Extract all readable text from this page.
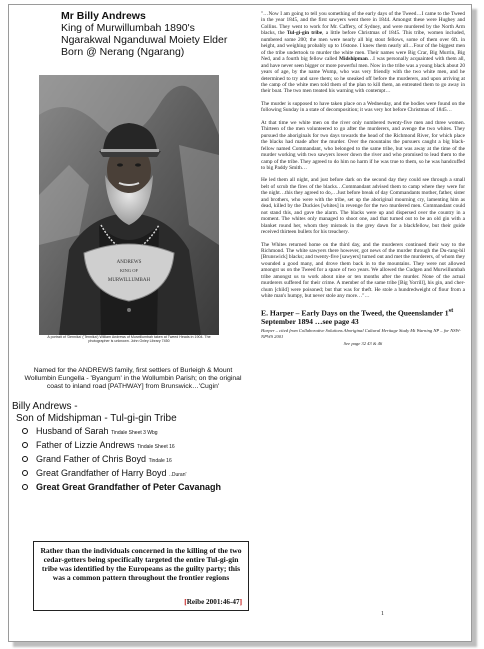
Mr Billy Andrews
King of Murwillumbah 1890's
Ngarakwal Nganduwal Moiety Elder
Born @ Nerang (Ngarang)
ANDREWS
KING OF
MURWILLUMBAH
A portrait of 'Dennika' ('Tennika') William Andrews of Murwillumbah taken at Tweed Heads in 1904. The photographer is unknown. John Oxley Library 7450
Named for the ANDREWS family, first settlers of Burleigh & Mount Wollumbin Eungella - 'Byangum' in the Wollumbin Parish; on the original coast to inland road [PATHWAY] from Brunswick…'Cugin'
Billy Andrews -
Son of Midshipman - Tul-gi-gin Tribe
Husband of Sarah Tindale Sheet 3 Wbg
Father of Lizzie Andrews Tindale Sheet 16
Grand Father of Chris Boyd Tindale 16
Great Grandfather of Harry Boyd ..Duran'
Great Great Grandfather of Peter Cavanagh
Rather than the individuals concerned in the killing of the two cedar-getters being specifically targeted the entire Tul-gi-gin tribe was identified by the Europeans as the guilty party; this was a common pattern throughout the frontier regions
[Reibe 2001:46-47]

"…Now I am going to tell you something of the early days of the Tweed…I came to the Tweed in the year 1845, and the first sawyers went there in 1844. Amongst these were Hughey and Collins. They went to work for Mr. Caffery, of Sydney, and were murdered by the North Arm blacks, the Tul-gi-gin tribe, a little before Christmas of 1845. This tribe, women included, numbered some 200; the men were nearly all big stout fellows, some of them over 6ft. in height, and weighing probably up to 16stone. I knew them nearly all…Four of the biggest men of the tribe undertook to murder the white men. Their names were Big Crar, Big Murrin, Big Ned, and a fourth big fellow called Midshipman…I was personally acquainted with them all, and have never seen bigger or more powerful men. Now in the tribe was a young black about 20 years of age, by the name Wump, who was very friendly with the two white men, and he determined to try and save them; so he sneaked off before the murderers, and upon arriving at the camp of the white men told them of the plan to kill them, an entreated them to go away in their boat. The two men treated his warning with contempt…

The murder is supposed to have taken place on a Wednesday, and the bodies were found on the following Sunday in a state of decomposition; it was very hot before Christmas of 1845…

At that time we white men on the river only numbered twenty-five men and three women. Thirteen of the men volunteered to go after the murderers, and avenge the two whites. They pursued the aboriginals for two days towards the head of the Richmond River, for which place the blacks had made after the murder. Over the mountains the pursuers caught a big black-fellow named Commandant, who belonged to the same tribe, but was away at the time of the murder working with two sawyers lower down the river and who promised to lead them to the camp of the tribe. They agreed to do him no harm if he was true to them, so he was handcuffed to big Paddy Smith…

He led them all night, and just before dark on the second day they could see through a small belt of scrub the fires of the blacks…Commandant advised them to camp where they were for the night…this they agreed to do,…Just before break of day Commandants mother, father, sister and brothers, who were with the tribe, set up the aboriginal mourning cry, lamenting him as dead, killed by the Duckies [whites] in revenge for the two murdered men. Commandant could not stand this, and gave the alarm. The blacks were up and dispersed over the country in a moment. The whites only managed to shoot one, and that turned out to be an old gin with a blanket round her, whom they mistook in the grey dawn for a blackfellow, but their guide received thirteen bullets for his treachery.

The Whites returned home on the third day, and the murderers continued their way to the Richmond. The white sawyers there however, got news of the murder through the Du-rang-bil [Brunswick] blacks; and twenty-five [sawyers] turned out and met the murderers, of whom they wounded a good many, and drove them back in to the mountains. They were not allowed amongst us on the Tweed for a space of two years. We allowed the Cudgen and Murwillumbah tribe amongst us to work about nine or ten months after the murder. None of the actual murderers suffered for their crime. A member of the same tribe [Big Yorrill], his gin, and cher-chum [child] were poisoned; but that was for theft. He stole a hundredweight of flour from a white man's humpy, but never stole any more…"…

E. Harper – Early Days on the Tweed, the Queenslander 1st September 1894 …see page 43
Harper – cited from Collaborative Solutions Aboriginal Cultural Heritage Study Mt Warning NP – for NSW-NPWS 2001
See page 32 43 & 46
1
